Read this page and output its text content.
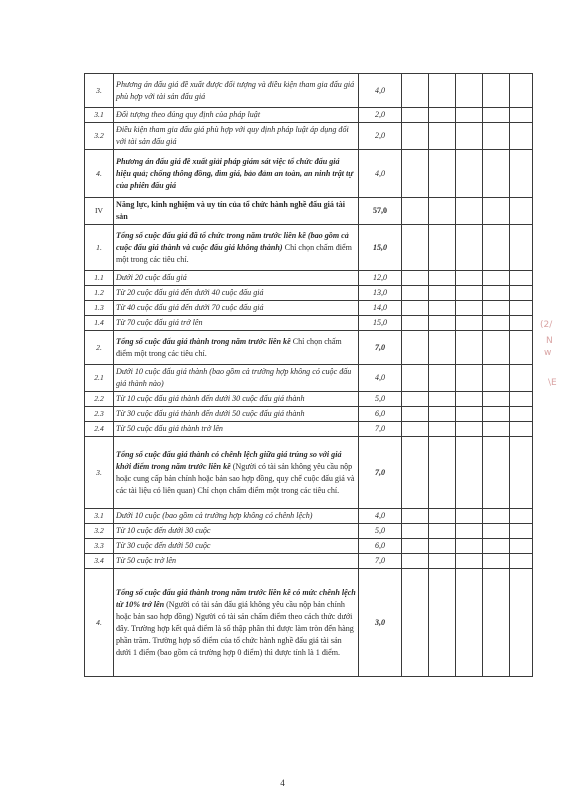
3.	Phương án đấu giá đề xuất được đối tượng và điều kiện tham gia đấu giá phù hợp với tài sản đấu giá	4,0					
3.1	Đối tượng theo đúng quy định của pháp luật	2,0					
3.2	Điều kiện tham gia đấu giá phù hợp với quy định pháp luật áp dụng đối với tài sản đấu giá	2,0					
4.	Phương án đấu giá đề xuất giải pháp giám sát việc tổ chức đấu giá hiệu quả; chống thông đồng, dìm giá, bảo đảm an toàn, an ninh trật tự của phiên đấu giá	4,0					
IV	Năng lực, kinh nghiệm và uy tín của tổ chức hành nghề đấu giá tài sản	57,0					
1.	Tổng số cuộc đấu giá đã tổ chức trong năm trước liền kề (bao gồm cả cuộc đấu giá thành và cuộc đấu giá không thành) Chỉ chọn chấm điểm một trong các tiêu chí.	15,0					
1.1	Dưới 20 cuộc đấu giá	12,0					
1.2	Từ 20 cuộc đấu giá đến dưới 40 cuộc đấu giá	13,0					
1.3	Từ 40 cuộc đấu giá đến dưới 70 cuộc đấu giá	14,0					
1.4	Từ 70 cuộc đấu giá trở lên	15,0					
2.	Tổng số cuộc đấu giá thành trong năm trước liền kề Chỉ chọn chấm điểm một trong các tiêu chí.	7,0					
2.1	Dưới 10 cuộc đấu giá thành (bao gồm cả trường hợp không có cuộc đấu giá thành nào)	4,0					
2.2	Từ 10 cuộc đấu giá thành đến dưới 30 cuộc đấu giá thành	5,0					
2.3	Từ 30 cuộc đấu giá thành đến dưới 50 cuộc đấu giá thành	6,0					
2.4	Từ 50 cuộc đấu giá thành trở lên	7,0					
3.	Tổng số cuộc đấu giá thành có chênh lệch giữa giá trúng so với giá khởi điểm trong năm trước liền kề (Người có tài sản không yêu cầu nộp hoặc cung cấp bản chính hoặc bản sao hợp đồng, quy chế cuộc đấu giá và các tài liệu có liên quan) Chỉ chọn chấm điểm một trong các tiêu chí.	7,0					
3.1	Dưới 10 cuộc (bao gồm cả trường hợp không có chênh lệch)	4,0					
3.2	Từ 10 cuộc đến dưới 30 cuộc	5,0					
3.3	Từ 30 cuộc đến dưới 50 cuộc	6,0					
3.4	Từ 50 cuộc trở lên	7,0					
4.	Tổng số cuộc đấu giá thành trong năm trước liền kề có mức chênh lệch từ 10% trở lên (Người có tài sản đấu giá không yêu cầu nộp bản chính hoặc bản sao hợp đồng) Người có tài sản chấm điểm theo cách thức dưới đây. Trường hợp kết quả điểm là số thập phân thì được làm tròn đến hàng phần trăm. Trường hợp số điểm của tổ chức hành nghề đấu giá tài sản dưới 1 điểm (bao gồm cả trường hợp 0 điểm) thì được tính là 1 điểm.	3,0					
(2/
N
w
\E
4
